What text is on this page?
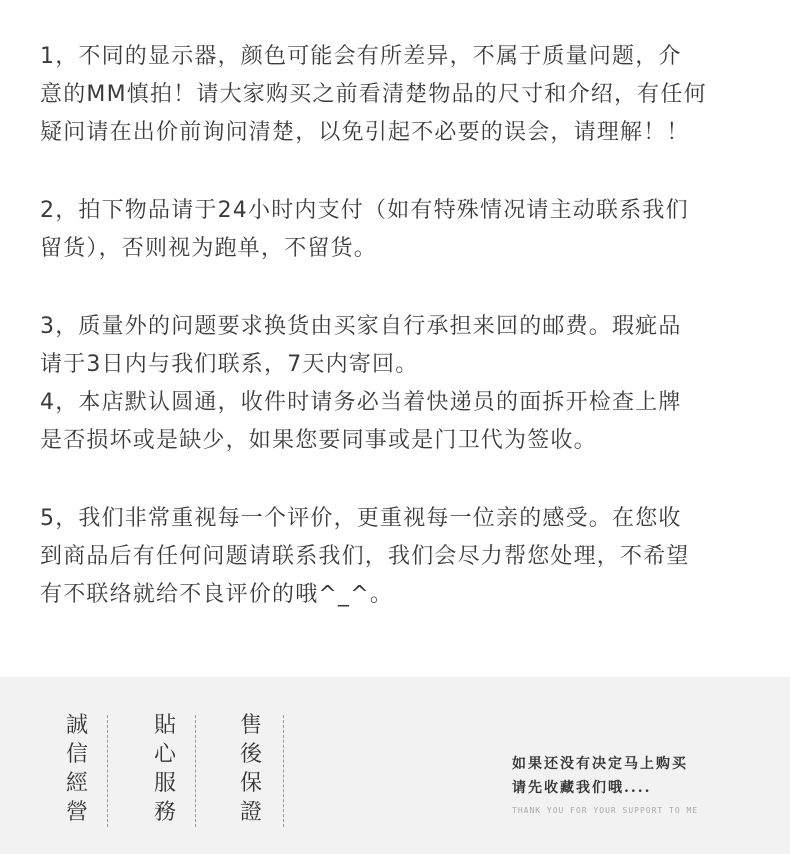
1，不同的显示器，颜色可能会有所差异，不属于质量问题，介
意的MM慎拍！请大家购买之前看清楚物品的尺寸和介绍，有任何
疑问请在出价前询问清楚，以免引起不必要的误会，请理解！！
2，拍下物品请于24小时内支付（如有特殊情况请主动联系我们
留货），否则视为跑单，不留货。
3，质量外的问题要求换货由买家自行承担来回的邮费。瑕疵品
请于3日内与我们联系，7天内寄回。
4，本店默认圆通，收件时请务必当着快递员的面拆开检查上牌
是否损坏或是缺少，如果您要同事或是门卫代为签收。
5，我们非常重视每一个评价，更重视每一位亲的感受。在您收
到商品后有任何问题请联系我们，我们会尽力帮您处理，不希望
有不联络就给不良评价的哦^_^。
誠信經營
貼心服務
售後保證
如果还没有决定马上购买
请先收藏我们哦....
THANK YOU FOR YOUR SUPPORT TO ME
